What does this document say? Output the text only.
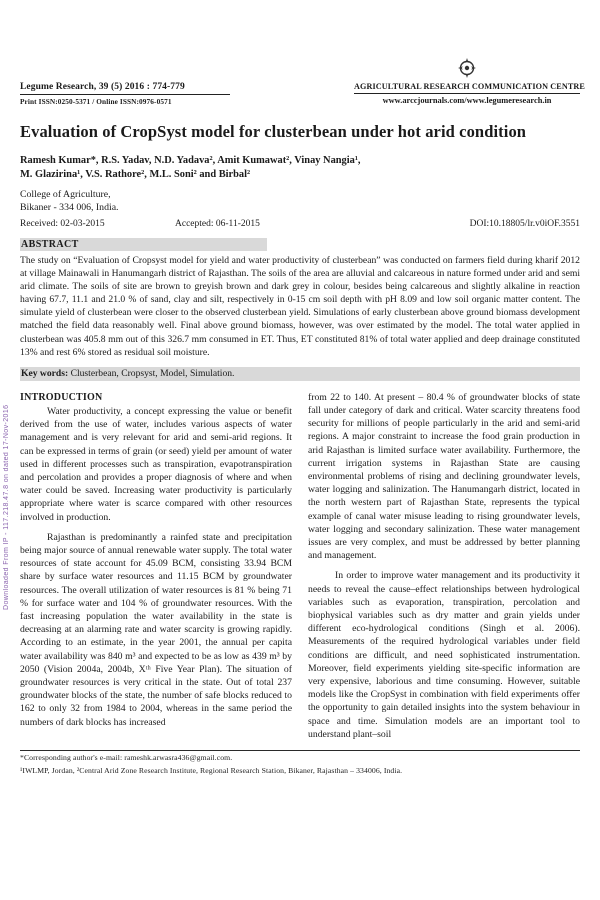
Downloaded From IP - 117.218.47.8 on dated 17-Nov-2016
Legume Research, 39 (5) 2016 : 774-779
Print ISSN:0250-5371 / Online ISSN:0976-0571
AGRICULTURAL RESEARCH COMMUNICATION CENTRE
www.arccjournals.com/www.legumeresearch.in
Evaluation of CropSyst model for clusterbean under hot arid condition
Ramesh Kumar*, R.S. Yadav, N.D. Yadava², Amit Kumawat², Vinay Nangia¹,
M. Glazirina¹, V.S. Rathore², M.L. Soni² and Birbal²
College of Agriculture,
Bikaner - 334 006, India.
Received: 02-03-2015	Accepted: 06-11-2015	DOI:10.18805/lr.v0iOF.3551
ABSTRACT

The study on “Evaluation of Cropsyst model for yield and water productivity of clusterbean” was conducted on farmers field during kharif 2012 at village Mainawali in Hanumangarh district of Rajasthan. The soils of the area are alluvial and calcareous in nature formed under arid and semi arid climate. The soils of site are brown to greyish brown and dark grey in colour, besides being calcareous and slightly alkaline in reaction having 67.7, 11.1 and 21.0 % of sand, clay and silt, respectively in 0-15 cm soil depth with pH 8.09 and low soil organic matter content. The simulate yield of clusterbean were closer to the observed clusterbean yield. Simulations of early clusterbean above ground biomass development matched the field data reasonably well. Final above ground biomass, however, was over estimated by the model. The total water applied in clusterbean was 405.8 mm out of this 326.7 mm consumed in ET. Thus, ET constituted 81% of total water applied and deep drainage constituted 13% and rest 6% stored as residual soil moisture.

Key words: Clusterbean, Cropsyst, Model, Simulation.
INTRODUCTION

Water productivity, a concept expressing the value or benefit derived from the use of water, includes various aspects of water management and is very relevant for arid and semi-arid regions. It can be expressed in terms of grain (or seed) yield per amount of water used in different processes such as transpiration, evapotranspiration and percolation and provides a proper diagnosis of where and when water could be saved. Increasing water productivity is particularly appropriate where water is scarce compared with other resources involved in production.

Rajasthan is predominantly a rainfed state and precipitation being major source of annual renewable water supply. The total water resources of state account for 45.09 BCM, consisting 33.94 BCM share by surface water resources and 11.15 BCM by groundwater resources. The overall utilization of water resources is 81 % being 71 % for surface water and 104 % of groundwater resources. With the fast increasing population the water availability in the state is decreasing at an alarming rate and water scarcity is growing rapidly. According to an estimate, in the year 2001, the annual per capita water availability was 840 m³ and expected to be as low as 439 m³ by 2050 (Vision 2004a, 2004b, Xᵗʰ Five Year Plan). The situation of groundwater resources is very critical in the state. Out of total 237 groundwater blocks of the state, the number of safe blocks reduced to 162 to only 32 from 1984 to 2004, whereas in the same period the numbers of dark blocks has increased

from 22 to 140. At present – 80.4 % of groundwater blocks of state fall under category of dark and critical. Water scarcity threatens food security for millions of people particularly in the arid and semi-arid regions. A major constraint to increase the food grain production in arid Rajasthan is limited surface water availability. Furthermore, the current irrigation systems in Rajasthan State are causing environmental problems of rising and declining groundwater levels, water logging and salinization. The Hanumangarh district, located in the north western part of Rajasthan State, represents the typical example of canal water misuse leading to rising groundwater levels, water logging and secondary salinization. These water management issues are very complex, and must be addressed by better planning and management.

In order to improve water management and its productivity it needs to reveal the cause–effect relationships between hydrological variables such as evaporation, transpiration, percolation and biophysical variables such as dry matter and grain yields under different eco-hydrological conditions (Singh et al. 2006). Measurements of the required hydrological variables under field conditions are difficult, and need sophisticated instrumentation. Moreover, field experiments yielding site-specific information are very expensive, laborious and time consuming. However, suitable models like the CropSyst in combination with field experiments offer the opportunity to gain detailed insights into the system behaviour in space and time. Simulation models are an important tool to understand plant–soil

*Corresponding author's e-mail: rameshk.arwasra436@gmail.com.
¹IWLMP, Jordan, ²Central Arid Zone Research Institute, Regional Research Station, Bikaner, Rajasthan – 334006, India.
